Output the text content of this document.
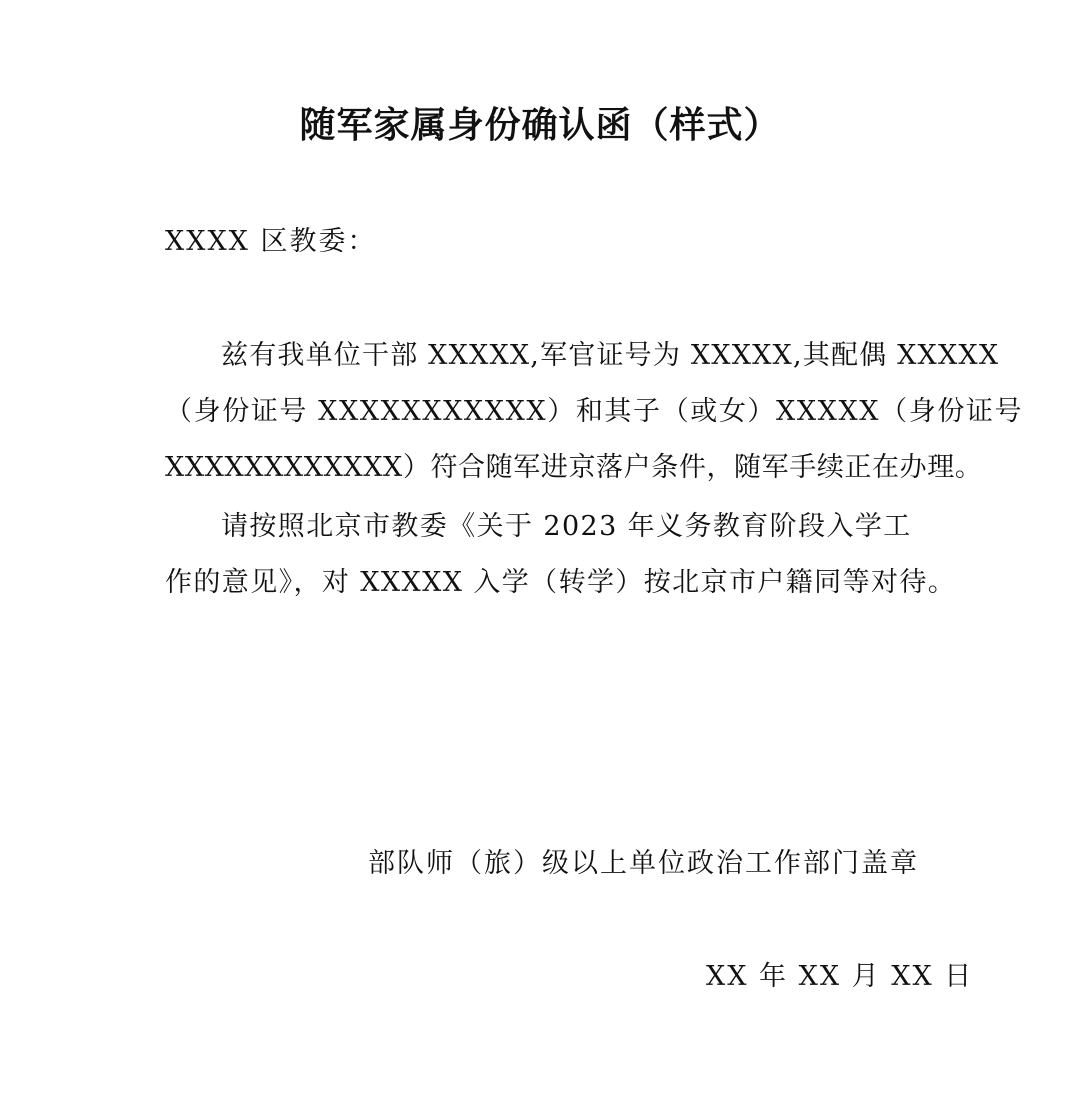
随军家属身份确认函（样式）
XXXX 区教委：
兹有我单位干部 XXXXX,军官证号为 XXXXX,其配偶 XXXXX
（身份证号 XXXXXXXXXXX）和其子（或女）XXXXX（身份证号
XXXXXXXXXXXX）符合随军进京落户条件，随军手续正在办理。
请按照北京市教委《关于 2023 年义务教育阶段入学工
作的意见》，对 XXXXX 入学（转学）按北京市户籍同等对待。
部队师（旅）级以上单位政治工作部门盖章
XX 年 XX 月 XX 日
